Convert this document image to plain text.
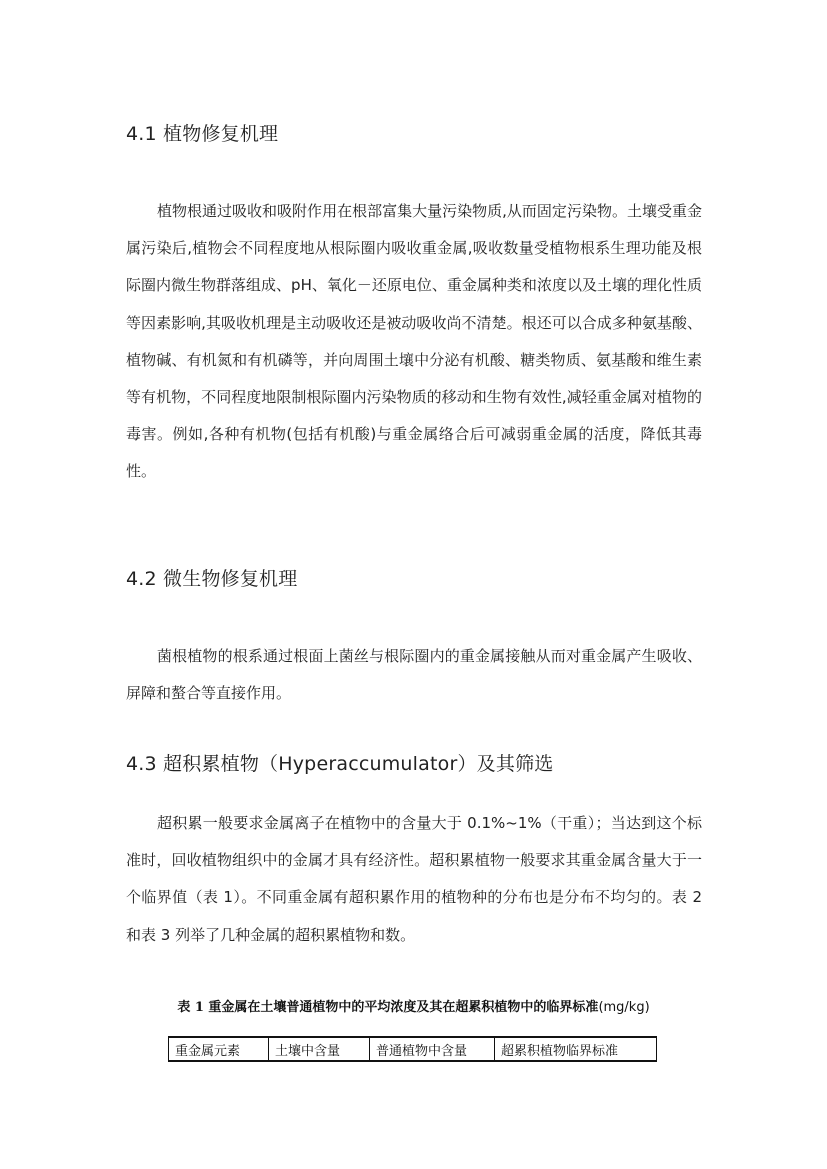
4.1 植物修复机理

植物根通过吸收和吸附作用在根部富集大量污染物质,从而固定污染物。土壤受重金属污染后,植物会不同程度地从根际圈内吸收重金属,吸收数量受植物根系生理功能及根际圈内微生物群落组成、pH、氧化－还原电位、重金属种类和浓度以及土壤的理化性质等因素影响,其吸收机理是主动吸收还是被动吸收尚不清楚。根还可以合成多种氨基酸、植物碱、有机氮和有机磷等，并向周围土壤中分泌有机酸、糖类物质、氨基酸和维生素等有机物，不同程度地限制根际圈内污染物质的移动和生物有效性,减轻重金属对植物的毒害。例如,各种有机物(包括有机酸)与重金属络合后可减弱重金属的活度，降低其毒性。

4.2 微生物修复机理

菌根植物的根系通过根面上菌丝与根际圈内的重金属接触从而对重金属产生吸收、屏障和螯合等直接作用。

4.3 超积累植物（Hyperaccumulator）及其筛选

超积累一般要求金属离子在植物中的含量大于 0.1%~1%（干重）；当达到这个标准时，回收植物组织中的金属才具有经济性。超积累植物一般要求其重金属含量大于一个临界值（表 1）。不同重金属有超积累作用的植物种的分布也是分布不均匀的。表 2 和表 3 列举了几种金属的超积累植物和数。

表 1 重金属在土壤普通植物中的平均浓度及其在超累积植物中的临界标准(mg/kg)

重金属元素	土壤中含量	普通植物中含量	超累积植物临界标准
